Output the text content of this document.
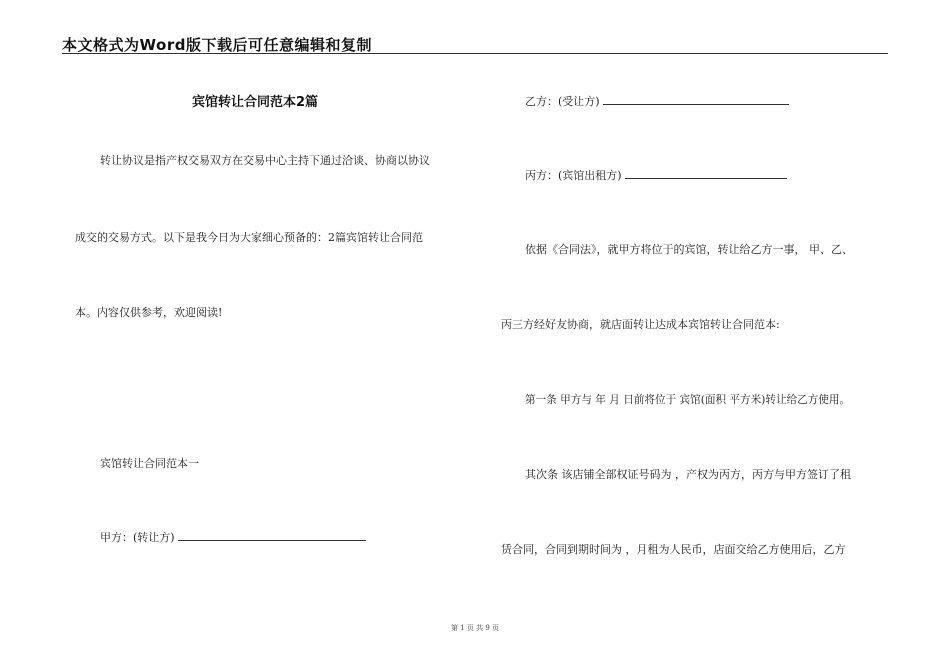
本文格式为Word版下载后可任意编辑和复制
宾馆转让合同范本2篇
转让协议是指产权交易双方在交易中心主持下通过洽谈、协商以协议
成交的交易方式。以下是我今日为大家细心预备的：2篇宾馆转让合同范
本。内容仅供参考，欢迎阅读!
宾馆转让合同范本一
甲方：(转让方)
乙方：(受让方)
丙方：(宾馆出租方)
依据《合同法》，就甲方将位于的宾馆，转让给乙方一事， 甲、乙、
丙三方经好友协商，就店面转让达成本宾馆转让合同范本:
第一条 甲方与 年 月 日前将位于 宾馆(面积 平方米)转让给乙方使用。
其次条 该店铺全部权证号码为 ，产权为丙方，丙方与甲方签订了租
赁合同，合同到期时间为 ，月租为人民币，店面交给乙方使用后，乙方
第 1 页 共 9 页
